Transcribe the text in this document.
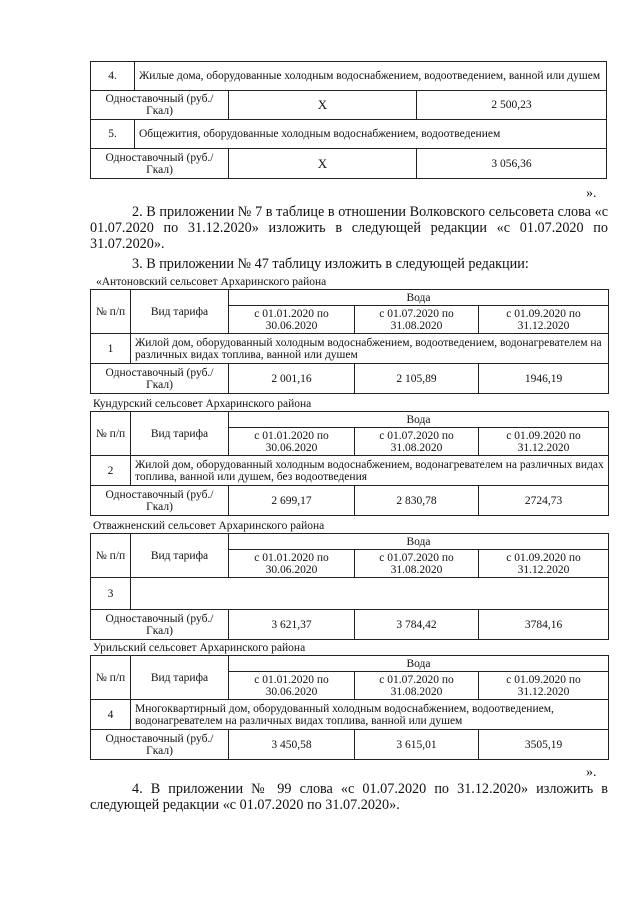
4.	Жилые дома, оборудованные холодным водоснабжением, водоотведением, ванной или душем		
Одноставочный (руб./Гкал)		Х	2 500,23
5.	Общежития, оборудованные холодным водоснабжением, водоотведением		
Одноставочный (руб./Гкал)		Х	3 056,36
».
2. В приложении № 7 в таблице в отношении Волковского сельсовета слова «с 01.07.2020 по 31.12.2020» изложить в следующей редакции «с 01.07.2020 по 31.07.2020».
3. В приложении № 47 таблицу изложить в следующей редакции:
«Антоновский сельсовет Архаринского района
№ п/п	Вид тарифа	Вода		
		с 01.01.2020 по 30.06.2020	с 01.07.2020 по 31.08.2020	с 01.09.2020 по 31.12.2020
1	Жилой дом, оборудованный холодным водоснабжением, водоотведением, водонагревателем на различных видах топлива, ванной или душем			
Одноставочный (руб./Гкал)		2 001,16	2 105,89	1946,19
Кундурский сельсовет Архаринского района
№ п/п	Вид тарифа	Вода		
		с 01.01.2020 по 30.06.2020	с 01.07.2020 по 31.08.2020	с 01.09.2020 по 31.12.2020
2	Жилой дом, оборудованный холодным водоснабжением, водонагревателем на различных видах топлива, ванной или душем, без водоотведения			
Одноставочный (руб./Гкал)		2 699,17	2 830,78	2724,73
Отважненский сельсовет Архаринского района
№ п/п	Вид тарифа	Вода		
		с 01.01.2020 по 30.06.2020	с 01.07.2020 по 31.08.2020	с 01.09.2020 по 31.12.2020
3				
Одноставочный (руб./Гкал)		3 621,37	3 784,42	3784,16
Урильский сельсовет Архаринского района
№ п/п	Вид тарифа	Вода		
		с 01.01.2020 по 30.06.2020	с 01.07.2020 по 31.08.2020	с 01.09.2020 по 31.12.2020
4	Многоквартирный дом, оборудованный холодным водоснабжением, водоотведением, водонагревателем на различных видах топлива, ванной или душем			
Одноставочный (руб./Гкал)		3 450,58	3 615,01	3505,19
».
4. В приложении № 99 слова «с 01.07.2020 по 31.12.2020» изложить в следующей редакции «с 01.07.2020 по 31.07.2020».
